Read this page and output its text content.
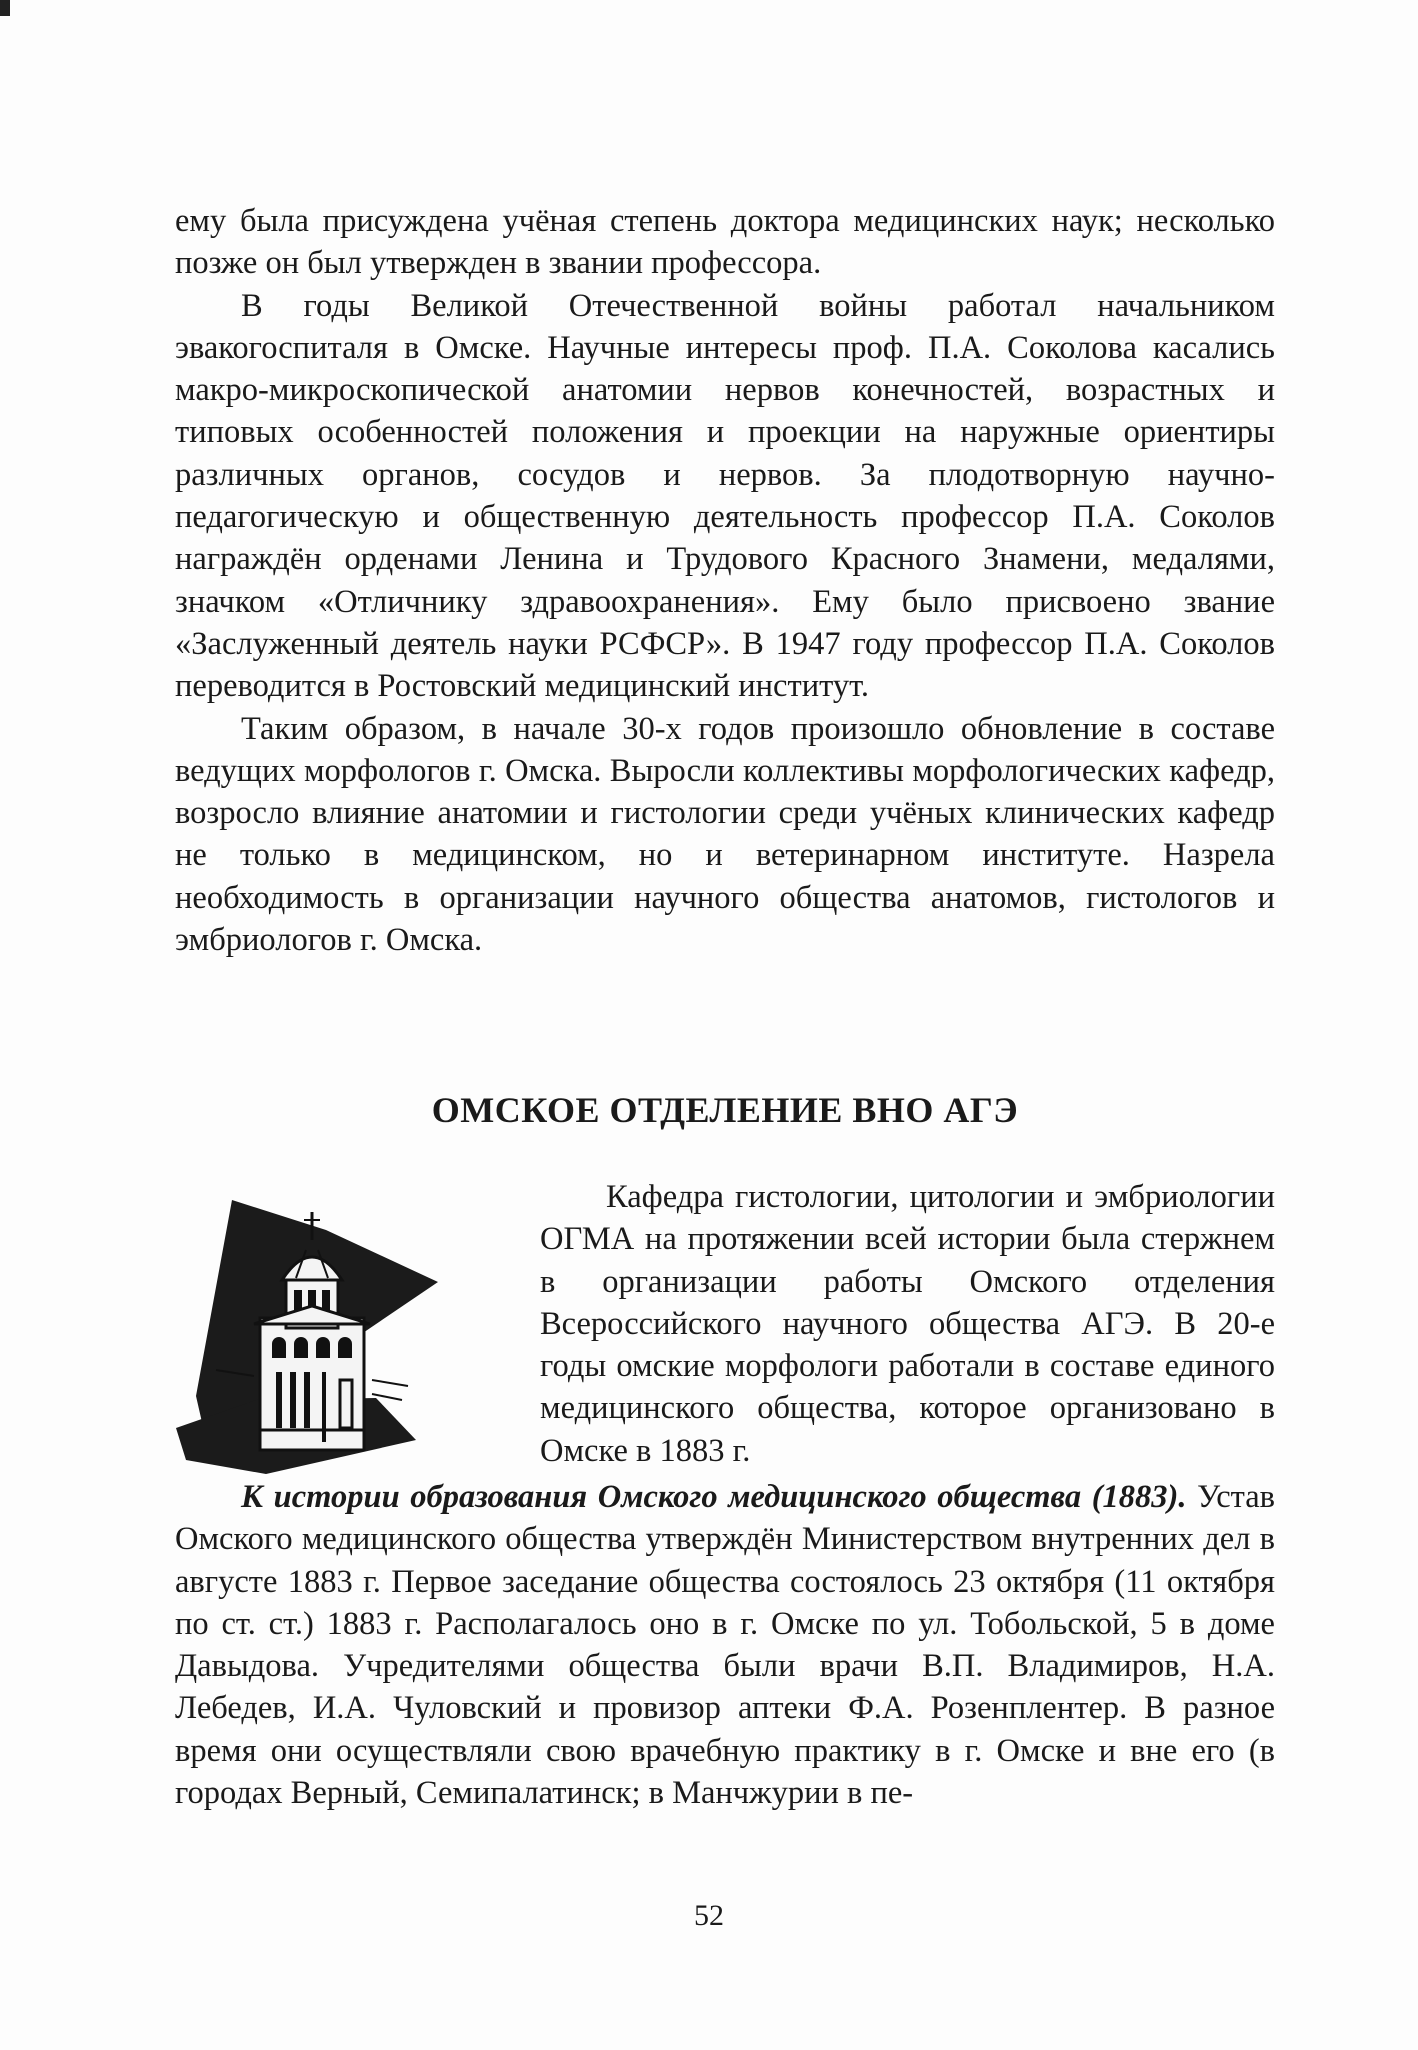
ему была присуждена учёная степень доктора медицинских наук; несколько позже он был утвержден в звании профессора.

В годы Великой Отечественной войны работал начальником эвакогоспиталя в Омске. Научные интересы проф. П.А. Соколова касались макро-микроскопической анатомии нервов конечностей, возрастных и типовых особенностей положения и проекции на наружные ориентиры различных органов, сосудов и нервов. За плодотворную научно-педагогическую и общественную деятельность профессор П.А. Соколов награждён орденами Ленина и Трудового Красного Знамени, медалями, значком «Отличнику здравоохранения». Ему было присвоено звание «Заслуженный деятель науки РСФСР». В 1947 году профессор П.А. Соколов переводится в Ростовский медицинский институт.

Таким образом, в начале 30-х годов произошло обновление в составе ведущих морфологов г. Омска. Выросли коллективы морфологических кафедр, возросло влияние анатомии и гистологии среди учёных клинических кафедр не только в медицинском, но и ветеринарном институте. Назрела необходимость в организации научного общества анатомов, гистологов и эмбриологов г. Омска.

ОМСКОЕ ОТДЕЛЕНИЕ ВНО АГЭ

Кафедра гистологии, цитологии и эмбриологии ОГМА на протяжении всей истории была стержнем в организации работы Омского отделения Всероссийского научного общества АГЭ. В 20-е годы омские морфологи работали в составе единого медицинского общества, которое организовано в Омске в 1883 г.

К истории образования Омского медицинского общества (1883). Устав Омского медицинского общества утверждён Министерством внутренних дел в августе 1883 г. Первое заседание общества состоялось 23 октября (11 октября по ст. ст.) 1883 г. Располагалось оно в г. Омске по ул. Тобольской, 5 в доме Давыдова. Учредителями общества были врачи В.П. Владимиров, Н.А. Лебедев, И.А. Чуловский и провизор аптеки Ф.А. Розенплентер. В разное время они осуществляли свою врачебную практику в г. Омске и вне его (в городах Верный, Семипалатинск; в Манчжурии в пе-

52
